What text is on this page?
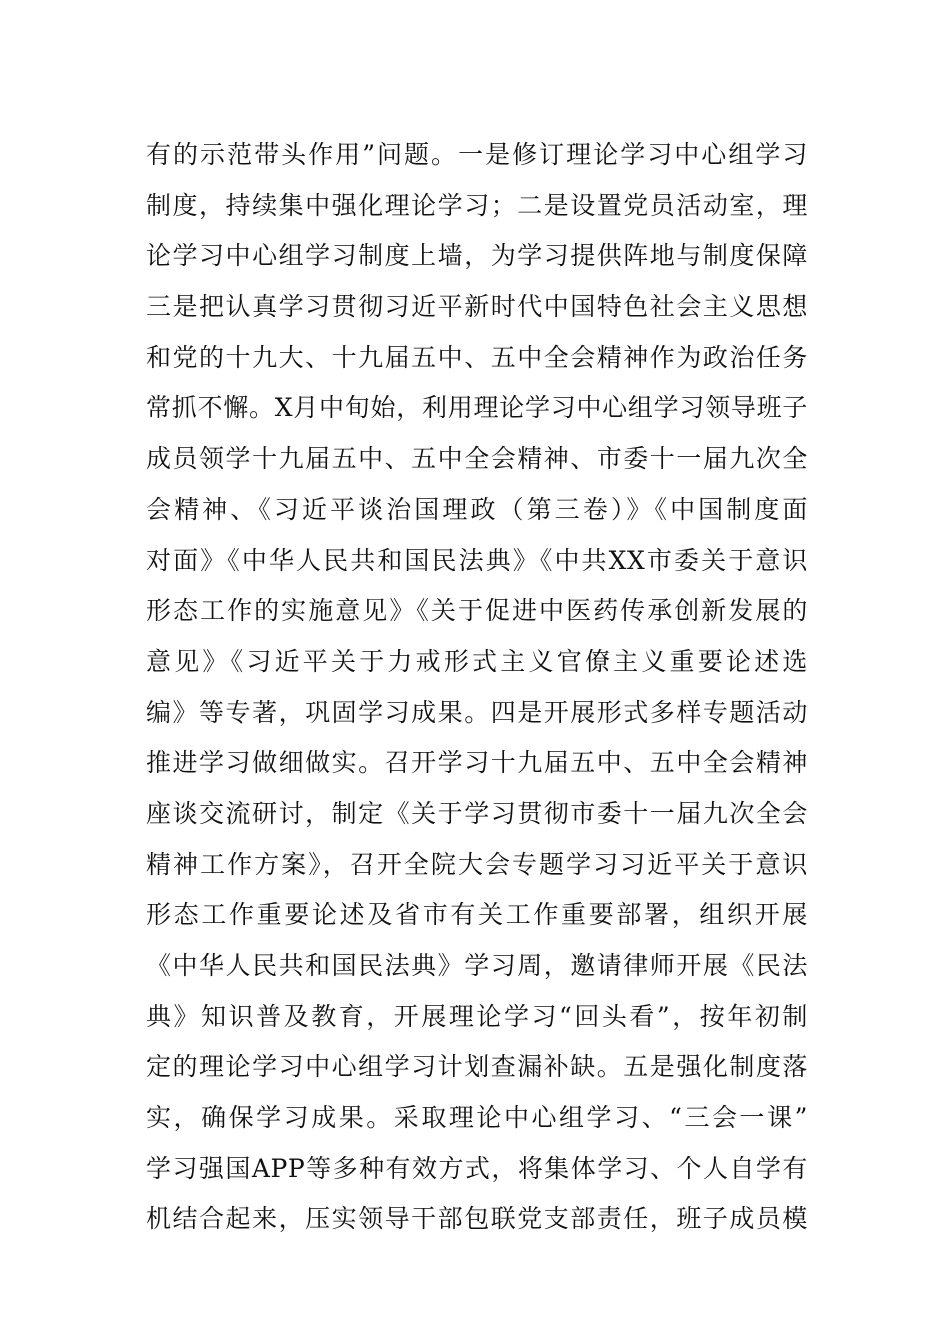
有的示范带头作用”问题。一是修订理论学习中心组学习
制度，持续集中强化理论学习；二是设置党员活动室，理
论学习中心组学习制度上墙，为学习提供阵地与制度保障
三是把认真学习贯彻习近平新时代中国特色社会主义思想
和党的十九大、十九届五中、五中全会精神作为政治任务
常抓不懈。X月中旬始，利用理论学习中心组学习领导班子
成员领学十九届五中、五中全会精神、市委十一届九次全
会精神、《习近平谈治国理政（第三卷）》《中国制度面
对面》《中华人民共和国民法典》《中共XX市委关于意识
形态工作的实施意见》《关于促进中医药传承创新发展的
意见》《习近平关于力戒形式主义官僚主义重要论述选
编》等专著，巩固学习成果。四是开展形式多样专题活动
推进学习做细做实。召开学习十九届五中、五中全会精神
座谈交流研讨，制定《关于学习贯彻市委十一届九次全会
精神工作方案》，召开全院大会专题学习习近平关于意识
形态工作重要论述及省市有关工作重要部署，组织开展
《中华人民共和国民法典》学习周，邀请律师开展《民法
典》知识普及教育，开展理论学习“回头看”，按年初制
定的理论学习中心组学习计划查漏补缺。五是强化制度落
实，确保学习成果。采取理论中心组学习、“三会一课”
学习强国APP等多种有效方式，将集体学习、个人自学有
机结合起来，压实领导干部包联党支部责任，班子成员模
